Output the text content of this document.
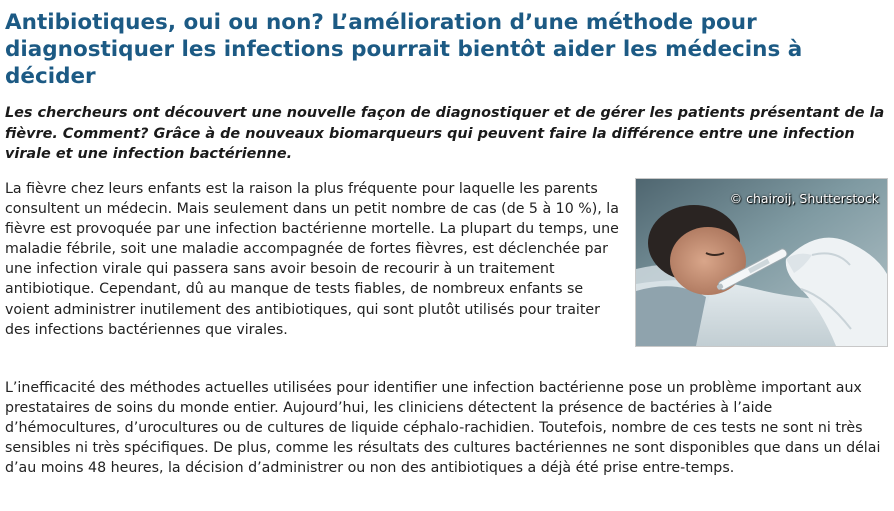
Antibiotiques, oui ou non? L’amélioration d’une méthode pour diagnostiquer les infections pourrait bientôt aider les médecins à décider

Les chercheurs ont découvert une nouvelle façon de diagnostiquer et de gérer les patients présentant de la fièvre. Comment? Grâce à de nouveaux biomarqueurs qui peuvent faire la différence entre une infection virale et une infection bactérienne.

La fièvre chez leurs enfants est la raison la plus fréquente pour laquelle les parents consultent un médecin. Mais seulement dans un petit nombre de cas (de 5 à 10 %), la fièvre est provoquée par une infection bactérienne mortelle. La plupart du temps, une maladie fébrile, soit une maladie accompagnée de fortes fièvres, est déclenchée par une infection virale qui passera sans avoir besoin de recourir à un traitement antibiotique. Cependant, dû au manque de tests fiables, de nombreux enfants se voient administrer inutilement des antibiotiques, qui sont plutôt utilisés pour traiter des infections bactériennes que virales.

© chairoij, Shutterstock

L’inefficacité des méthodes actuelles utilisées pour identifier une infection bactérienne pose un problème important aux prestataires de soins du monde entier. Aujourd’hui, les cliniciens détectent la présence de bactéries à l’aide d’hémocultures, d’urocultures ou de cultures de liquide céphalo-rachidien. Toutefois, nombre de ces tests ne sont ni très sensibles ni très spécifiques. De plus, comme les résultats des cultures bactériennes ne sont disponibles que dans un délai d’au moins 48 heures, la décision d’administrer ou non des antibiotiques a déjà été prise entre-temps.
